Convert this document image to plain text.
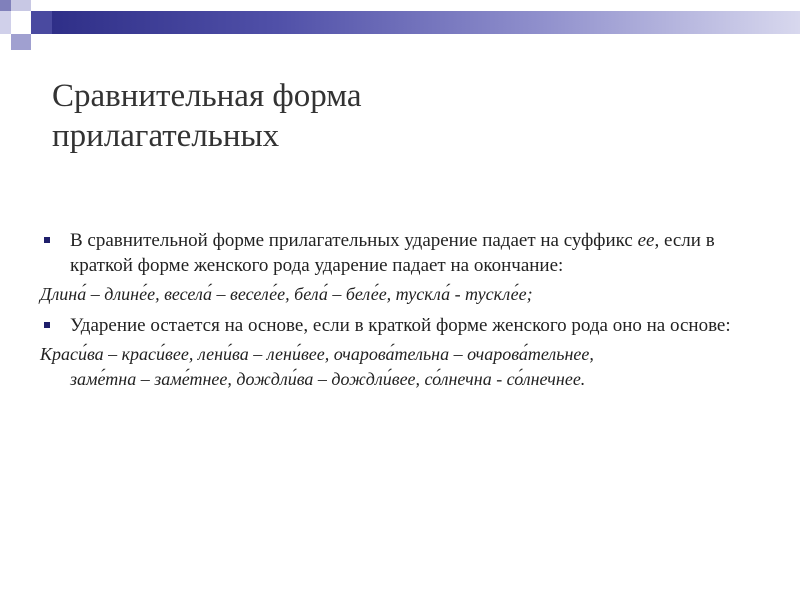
Сравнительная форма
прилагательных

В сравнительной форме прилагательных ударение падает на суффикс ее, если в краткой форме женского рода ударение падает на окончание:

Длина́ – длине́е, весела́ – веселе́е, бела́ – беле́е, тускла́ - тускле́е;

Ударение остается на основе, если в краткой форме женского рода оно на основе:

Краси́ва – краси́вее, лени́ва – лени́вее, очарова́тельна – очарова́тельнее,
заме́тна – заме́тнее, дождли́ва – дождли́вее, со́лнечна - со́лнечнее.
